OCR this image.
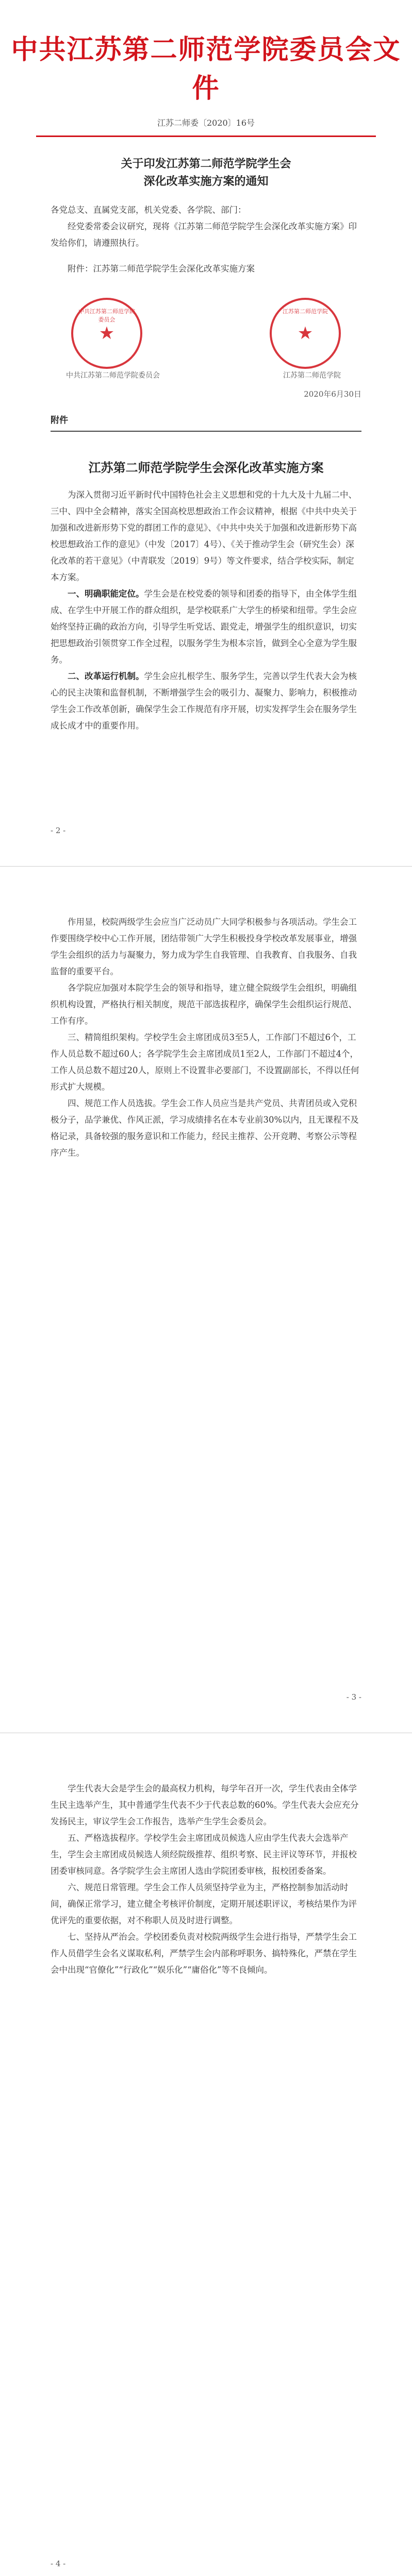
中共江苏第二师范学院委员会文件
江苏二师委〔2020〕16号
关于印发江苏第二师范学院学生会
深化改革实施方案的通知

各党总支、直属党支部，机关党委、各学院、部门：

经党委常委会议研究，现将《江苏第二师范学院学生会深化改革实施方案》印发给你们，请遵照执行。

附件：江苏第二师范学院学生会深化改革实施方案

中共江苏第二师范学院委员会
★
江苏第二师范学院
★
中共江苏第二师范学院委员会	江苏第二师范学院
2020年6月30日
附件
江苏第二师范学院学生会深化改革实施方案

为深入贯彻习近平新时代中国特色社会主义思想和党的十九大及十九届二中、三中、四中全会精神，落实全国高校思想政治工作会议精神，根据《中共中央关于加强和改进新形势下党的群团工作的意见》、《中共中央关于加强和改进新形势下高校思想政治工作的意见》（中发〔2017〕4号）、《关于推动学生会（研究生会）深化改革的若干意见》（中青联发〔2019〕9号）等文件要求，结合学校实际，制定本方案。

一、明确职能定位。学生会是在校党委的领导和团委的指导下，由全体学生组成、在学生中开展工作的群众组织，是学校联系广大学生的桥梁和纽带。学生会应始终坚持正确的政治方向，引导学生听党话、跟党走，增强学生的组织意识，切实把思想政治引领贯穿工作全过程，以服务学生为根本宗旨，做到全心全意为学生服务。

二、改革运行机制。学生会应扎根学生、服务学生，完善以学生代表大会为核心的民主决策和监督机制，不断增强学生会的吸引力、凝聚力、影响力，积极推动学生会工作改革创新，确保学生会工作规范有序开展，切实发挥学生会在服务学生成长成才中的重要作用。

- 2 -

作用显，校院两级学生会应当广泛动员广大同学积极参与各项活动。学生会工作要围绕学校中心工作开展，团结带领广大学生积极投身学校改革发展事业，增强学生会组织的活力与凝聚力，努力成为学生自我管理、自我教育、自我服务、自我监督的重要平台。

各学院应加强对本院学生会的领导和指导，建立健全院级学生会组织，明确组织机构设置，严格执行相关制度，规范干部选拔程序，确保学生会组织运行规范、工作有序。

三、精简组织架构。学校学生会主席团成员3至5人，工作部门不超过6个，工作人员总数不超过60人；各学院学生会主席团成员1至2人，工作部门不超过4个，工作人员总数不超过20人，原则上不设置非必要部门，不设置副部长，不得以任何形式扩大规模。

四、规范工作人员选拔。学生会工作人员应当是共产党员、共青团员或入党积极分子，品学兼优、作风正派，学习成绩排名在本专业前30%以内，且无课程不及格记录，具备较强的服务意识和工作能力，经民主推荐、公开竞聘、考察公示等程序产生。

- 3 -

学生代表大会是学生会的最高权力机构，每学年召开一次，学生代表由全体学生民主选举产生，其中普通学生代表不少于代表总数的60%。学生代表大会应充分发扬民主，审议学生会工作报告，选举产生学生会委员会。

五、严格选拔程序。学校学生会主席团成员候选人应由学生代表大会选举产生，学生会主席团成员候选人须经院级推荐、组织考察、民主评议等环节，并报校团委审核同意。各学院学生会主席团人选由学院团委审核，报校团委备案。

六、规范日常管理。学生会工作人员须坚持学业为主，严格控制参加活动时间，确保正常学习，建立健全考核评价制度，定期开展述职评议，考核结果作为评优评先的重要依据，对不称职人员及时进行调整。

七、坚持从严治会。学校团委负责对校院两级学生会进行指导，严禁学生会工作人员借学生会名义谋取私利，严禁学生会内部称呼职务、搞特殊化，严禁在学生会中出现“官僚化”“行政化”“娱乐化”“庸俗化”等不良倾向。

- 4 -
